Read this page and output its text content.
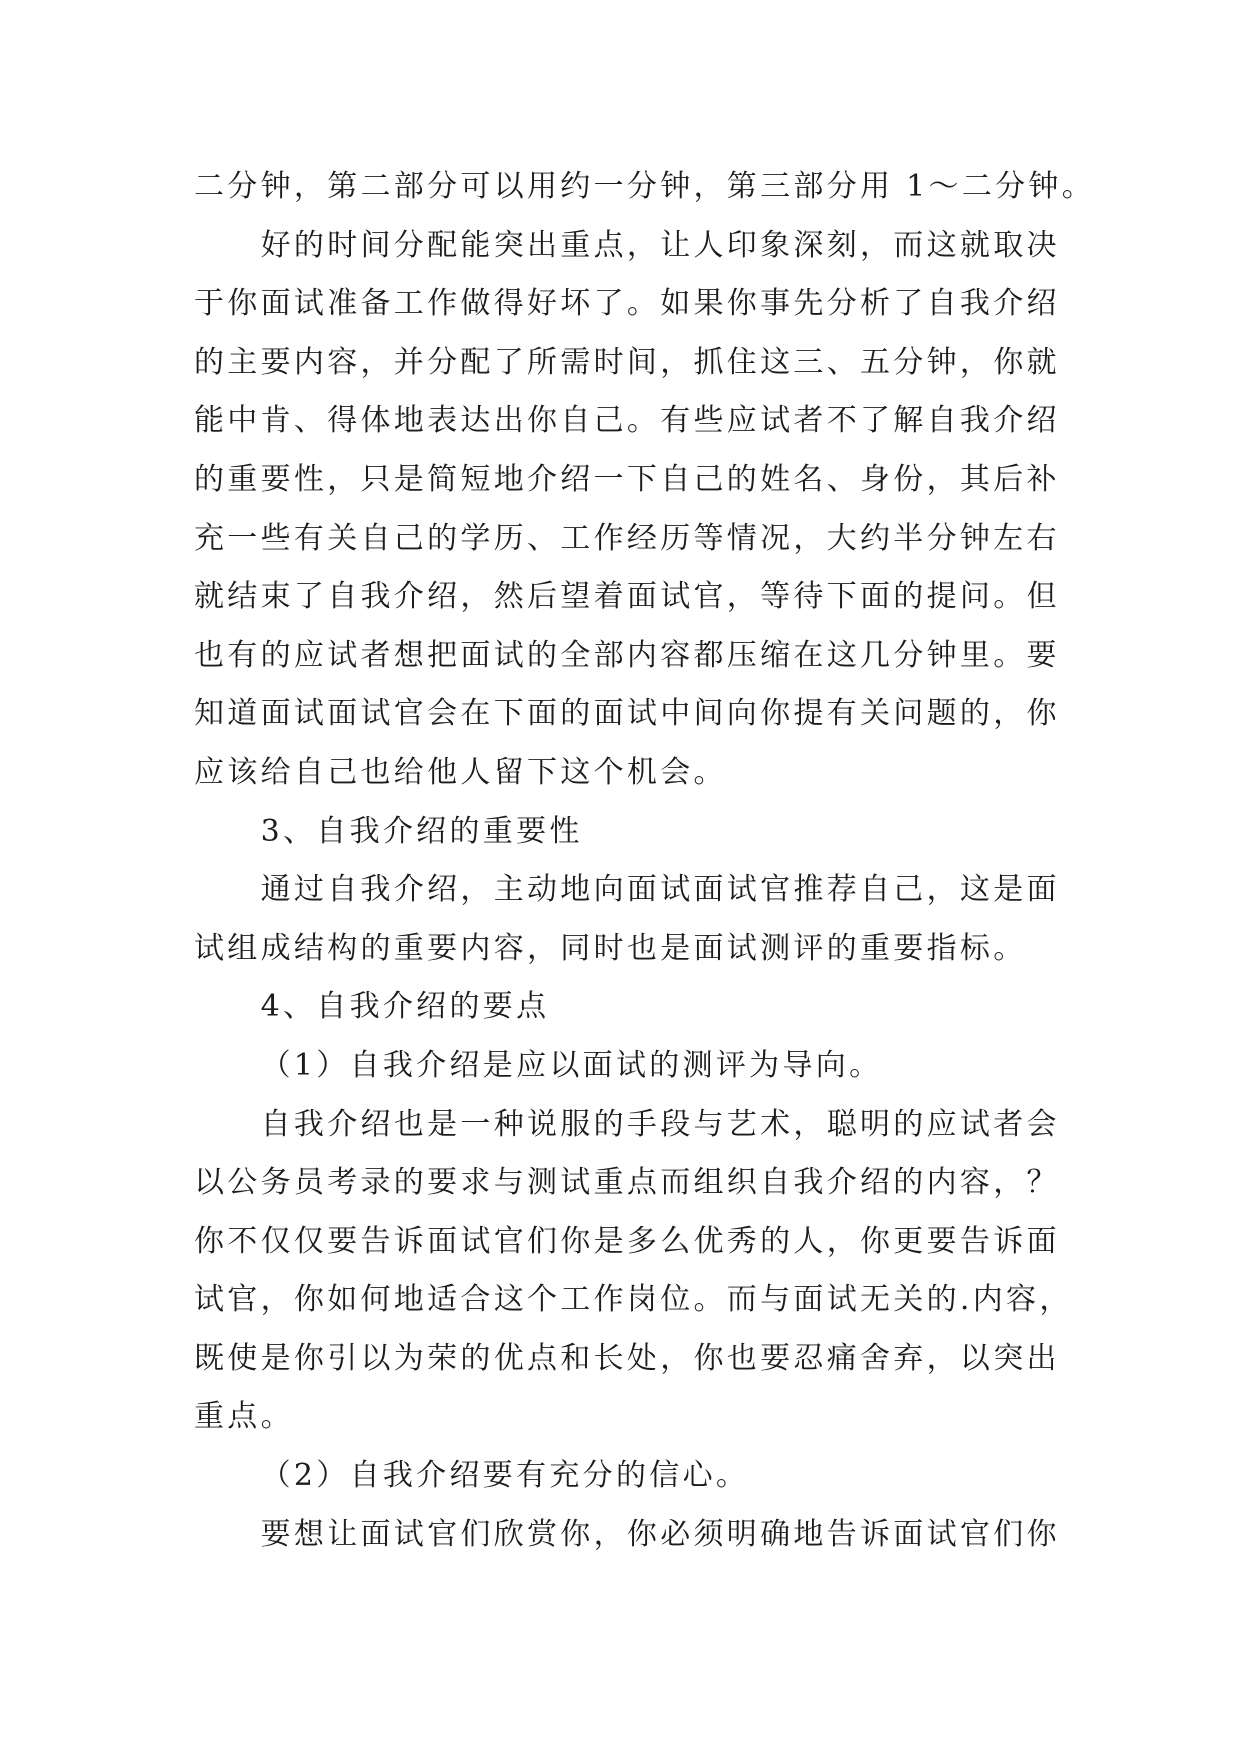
二分钟，第二部分可以用约一分钟，第三部分用 1～二分钟。
好的时间分配能突出重点，让人印象深刻，而这就取决
于你面试准备工作做得好坏了。如果你事先分析了自我介绍
的主要内容，并分配了所需时间，抓住这三、五分钟，你就
能中肯、得体地表达出你自己。有些应试者不了解自我介绍
的重要性，只是简短地介绍一下自己的姓名、身份，其后补
充一些有关自己的学历、工作经历等情况，大约半分钟左右
就结束了自我介绍，然后望着面试官，等待下面的提问。但
也有的应试者想把面试的全部内容都压缩在这几分钟里。要
知道面试面试官会在下面的面试中间向你提有关问题的，你
应该给自己也给他人留下这个机会。
3、自我介绍的重要性
通过自我介绍，主动地向面试面试官推荐自己，这是面
试组成结构的重要内容，同时也是面试测评的重要指标。
4、自我介绍的要点
（1）自我介绍是应以面试的测评为导向。
自我介绍也是一种说服的手段与艺术，聪明的应试者会
以公务员考录的要求与测试重点而组织自我介绍的内容，？
你不仅仅要告诉面试官们你是多么优秀的人，你更要告诉面
试官，你如何地适合这个工作岗位。而与面试无关的.内容，
既使是你引以为荣的优点和长处，你也要忍痛舍弃，以突出
重点。
（2）自我介绍要有充分的信心。
要想让面试官们欣赏你，你必须明确地告诉面试官们你
